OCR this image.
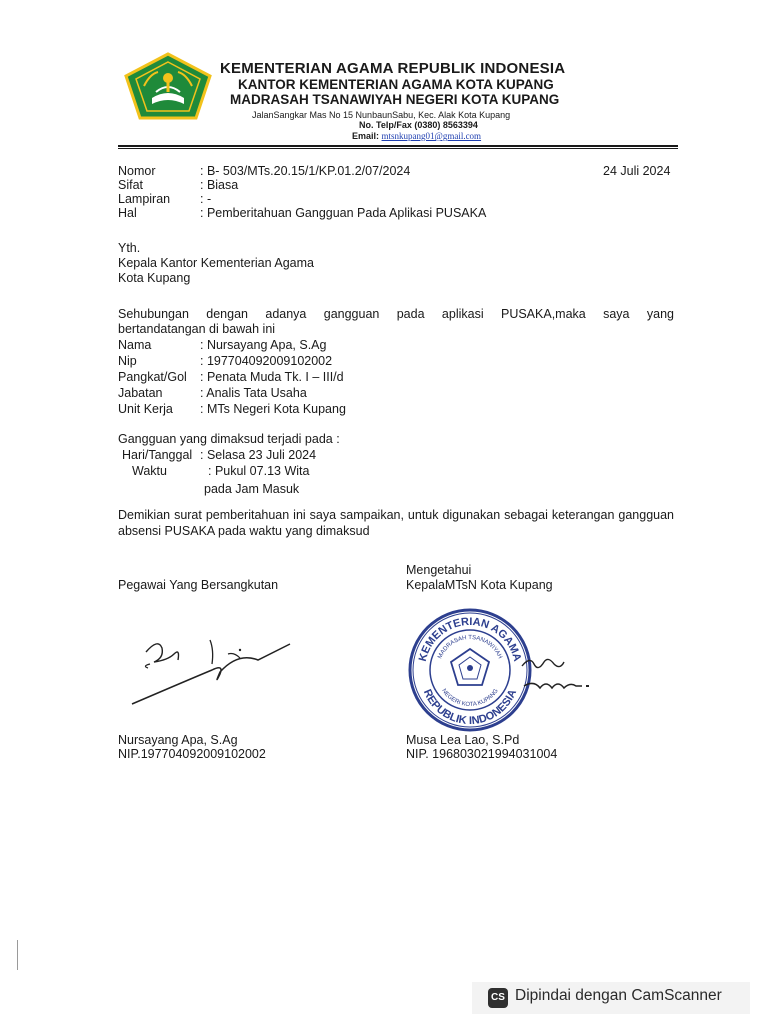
KEMENTERIAN AGAMA REPUBLIK INDONESIA
KANTOR KEMENTERIAN AGAMA KOTA KUPANG
MADRASAH TSANAWIYAH NEGERI KOTA KUPANG
JalanSangkar Mas No 15 NunbaunSabu, Kec. Alak Kota Kupang
No. Telp/Fax (0380) 8563394
Email: mtsnkupang01@gmail.com
Nomor	: B- 503/MTs.20.15/1/KP.01.2/07/2024
Sifat	: Biasa
Lampiran : -
Hal	: Pemberitahuan Gangguan Pada Aplikasi PUSAKA
24 Juli 2024
Yth.
Kepala Kantor Kementerian Agama
Kota Kupang
Sehubungan dengan adanya gangguan pada aplikasi PUSAKA,maka saya yang
bertandatangan di bawah ini
Nama	: Nursayang Apa, S.Ag
Nip	: 197704092009102002
Pangkat/Gol : Penata Muda Tk. I – III/d
Jabatan	: Analis Tata Usaha
Unit Kerja : MTs Negeri Kota Kupang
Gangguan yang dimaksud terjadi pada :
Hari/Tanggal : Selasa 23 Juli 2024
Waktu	: Pukul 07.13 Wita
pada Jam Masuk
Demikian surat pemberitahuan ini saya sampaikan, untuk digunakan sebagai keterangan gangguan
absensi PUSAKA pada waktu yang dimaksud
Mengetahui
Pegawai Yang Bersangkutan	KepalaMTsN Kota Kupang
KEMENTERIAN AGAMA
REPUBLIK INDONESIA
MADRASAH TSANAWIYAH
NEGERI KOTA KUPANG
Nursayang Apa, S.Ag
NIP.197704092009102002
Musa Lea Lao, S.Pd
NIP. 196803021994031004
CS Dipindai dengan CamScanner
